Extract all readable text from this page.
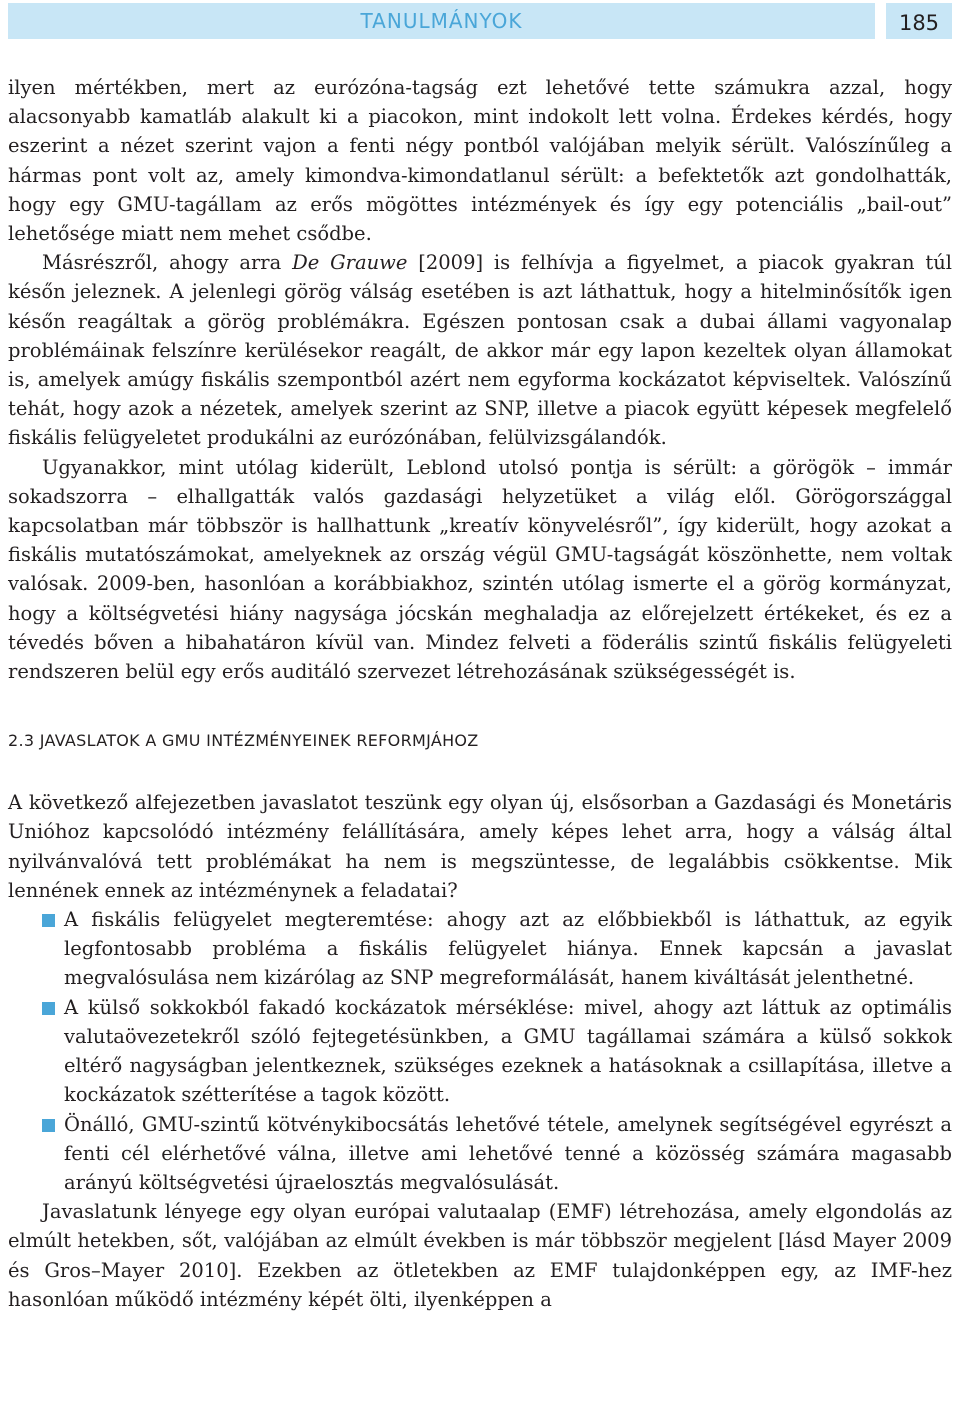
TANULMÁNYOK	185

ilyen mértékben, mert az eurózóna-tagság ezt lehetővé tette számukra azzal, hogy alacsonyabb kamatláb alakult ki a piacokon, mint indokolt lett volna. Érdekes kérdés, hogy eszerint a nézet szerint vajon a fenti négy pontból valójában melyik sérült. Valószínűleg a hármas pont volt az, amely kimondva-kimondatlanul sérült: a befektetők azt gondolhatták, hogy egy GMU-tagállam az erős mögöttes intézmények és így egy potenciális „bail-out” lehetősége miatt nem mehet csődbe.

Másrészről, ahogy arra De Grauwe [2009] is felhívja a figyelmet, a piacok gyakran túl későn jeleznek. A jelenlegi görög válság esetében is azt láthattuk, hogy a hitelminősítők igen későn reagáltak a görög problémákra. Egészen pontosan csak a dubai állami vagyonalap problémáinak felszínre kerülésekor reagált, de akkor már egy lapon kezeltek olyan államokat is, amelyek amúgy fiskális szempontból azért nem egyforma kockázatot képviseltek. Valószínű tehát, hogy azok a nézetek, amelyek szerint az SNP, illetve a piacok együtt képesek megfelelő fiskális felügyeletet produkálni az eurózónában, felülvizsgálandók.

Ugyanakkor, mint utólag kiderült, Leblond utolsó pontja is sérült: a görögök – immár sokadszorra – elhallgatták valós gazdasági helyzetüket a világ elől. Görögországgal kapcsolatban már többször is hallhattunk „kreatív könyvelésről”, így kiderült, hogy azokat a fiskális mutatószámokat, amelyeknek az ország végül GMU-tagságát köszönhette, nem voltak valósak. 2009-ben, hasonlóan a korábbiakhoz, szintén utólag ismerte el a görög kormányzat, hogy a költségvetési hiány nagysága jócskán meghaladja az előrejelzett értékeket, és ez a tévedés bőven a hibahatáron kívül van. Mindez felveti a föderális szintű fiskális felügyeleti rendszeren belül egy erős auditáló szervezet létrehozásának szükségességét is.

2.3 JAVASLATOK A GMU INTÉZMÉNYEINEK REFORMJÁHOZ

A következő alfejezetben javaslatot teszünk egy olyan új, elsősorban a Gazdasági és Monetáris Unióhoz kapcsolódó intézmény felállítására, amely képes lehet arra, hogy a válság által nyilvánvalóvá tett problémákat ha nem is megszüntesse, de legalábbis csökkentse. Mik lennének ennek az intézménynek a feladatai?

A fiskális felügyelet megteremtése: ahogy azt az előbbiekből is láthattuk, az egyik legfontosabb probléma a fiskális felügyelet hiánya. Ennek kapcsán a javaslat megvalósulása nem kizárólag az SNP megreformálását, hanem kiváltását jelenthetné.
A külső sokkokból fakadó kockázatok mérséklése: mivel, ahogy azt láttuk az optimális valutaövezetekről szóló fejtegetésünkben, a GMU tagállamai számára a külső sokkok eltérő nagyságban jelentkeznek, szükséges ezeknek a hatásoknak a csillapítása, illetve a kockázatok szétterítése a tagok között.
Önálló, GMU-szintű kötvénykibocsátás lehetővé tétele, amelynek segítségével egyrészt a fenti cél elérhetővé válna, illetve ami lehetővé tenné a közösség számára magasabb arányú költségvetési újraelosztás megvalósulását.

Javaslatunk lényege egy olyan európai valutaalap (EMF) létrehozása, amely elgondolás az elmúlt hetekben, sőt, valójában az elmúlt években is már többször megjelent [lásd Mayer 2009 és Gros–Mayer 2010]. Ezekben az ötletekben az EMF tulajdonképpen egy, az IMF-hez hasonlóan működő intézmény képét ölti, ilyenképpen a
